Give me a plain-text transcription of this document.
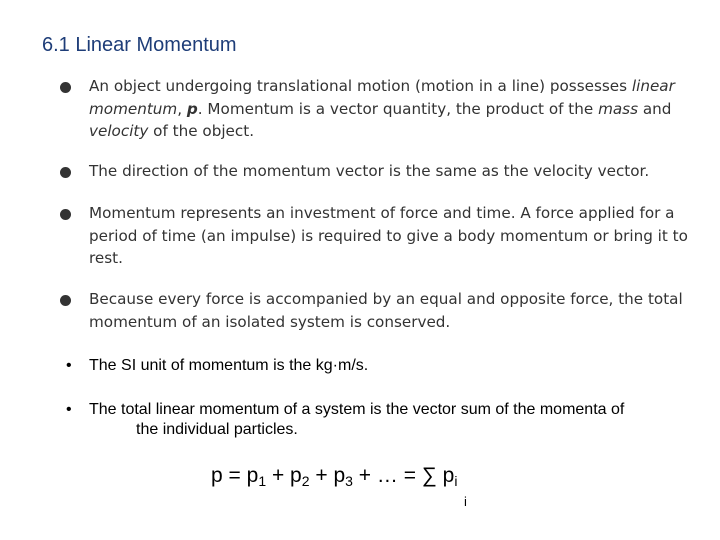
6.1 Linear Momentum
An object undergoing translational motion (motion in a line) possesses linear momentum, p. Momentum is a vector quantity, the product of the mass and velocity of the object.
The direction of the momentum vector is the same as the velocity vector.
Momentum represents an investment of force and time. A force applied for a period of time (an impulse) is required to give a body momentum or bring it to rest.
Because every force is accompanied by an equal and opposite force, the total momentum of an isolated system is conserved.
• The SI unit of momentum is the kg·m/s.
• The total linear momentum of a system is the vector sum of the momenta of
the individual particles.
$p = p_1 + p_2 + p_3$ + … = ∑ $p_i$
i
